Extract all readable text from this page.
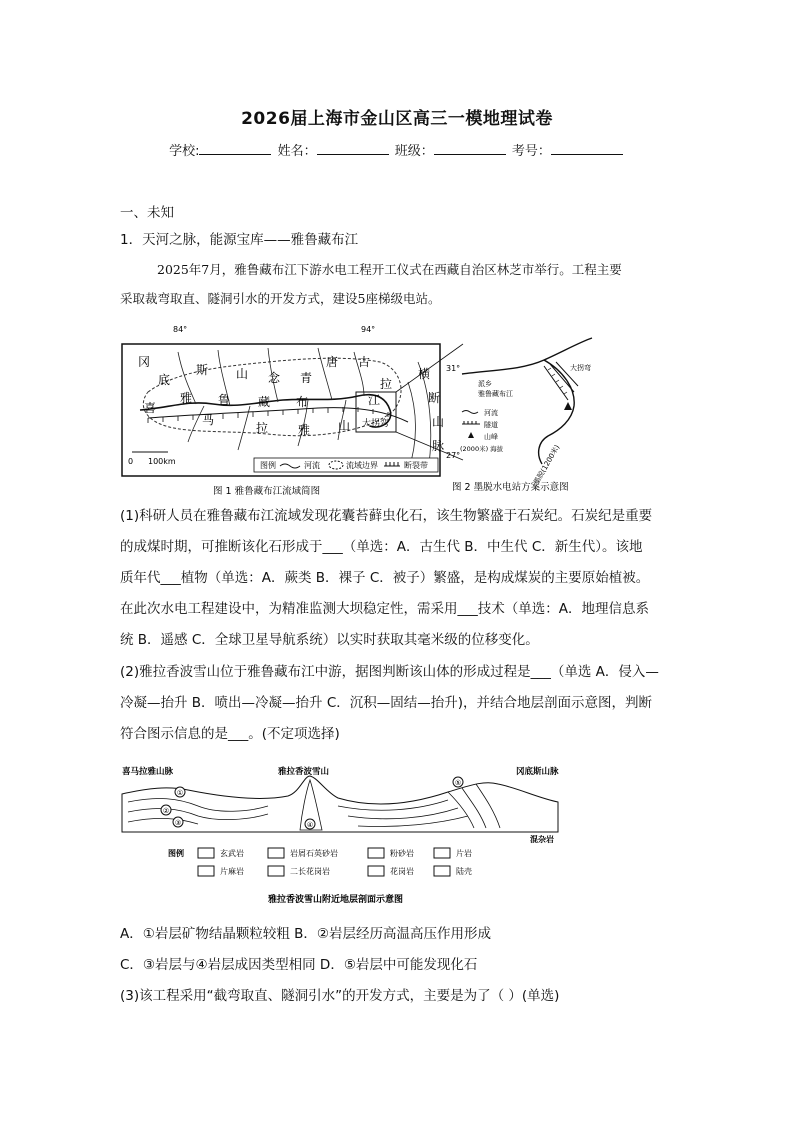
2026届上海市金山区高三一模地理试卷
学校:	姓名：	班级：	考号：
一、未知
1．天河之脉，能源宝库——雅鲁藏布江
2025年7月，雅鲁藏布江下游水电工程开工仪式在西藏自治区林芝市举行。工程主要
采取裁弯取直、隧洞引水的开发方式，建设5座梯级电站。
84°	94°
31°
27°
冈
底
斯 山 念 青
唐 古
拉
横
断
山
脉
喜
马
雅 鲁 藏 布	江
拉 雅 山 大拐弯
0 100km	图例	河流	流域边界	断裂带
图 1 雅鲁藏布江流域简图
派乡
雅鲁藏布江
大拐弯
墨脱(1200米)
河流
隧道
山峰
(2000米) 海拔
图 2 墨脱水电站方案示意图
(1)科研人员在雅鲁藏布江流域发现花囊苔藓虫化石，该生物繁盛于石炭纪。石炭纪是重要
的成煤时期，可推断该化石形成于___（单选：A．古生代 B．中生代 C．新生代）。该地
质年代___植物（单选：A．蕨类 B．裸子 C．被子）繁盛，是构成煤炭的主要原始植被。
在此次水电工程建设中，为精准监测大坝稳定性，需采用___技术（单选：A．地理信息系
统 B．遥感 C．全球卫星导航系统）以实时获取其毫米级的位移变化。
(2)雅拉香波雪山位于雅鲁藏布江中游，据图判断该山体的形成过程是___（单选 A．侵入—
冷凝—抬升 B．喷出—冷凝—抬升 C．沉积—固结—抬升)，并结合地层剖面示意图，判断
符合图示信息的是___。(不定项选择)
喜马拉雅山脉	雅拉香波雪山	冈底斯山脉
①
②
③	④
⑤
混杂岩
图例	玄武岩	岩屑石英砂岩	粉砂岩	片岩
片麻岩	二长花岗岩	花岗岩	陆壳
雅拉香波雪山附近地层剖面示意图
A．①岩层矿物结晶颗粒较粗 B．②岩层经历高温高压作用形成
C．③岩层与④岩层成因类型相同 D．⑤岩层中可能发现化石
(3)该工程采用“截弯取直、隧洞引水”的开发方式，主要是为了（ ）(单选)
